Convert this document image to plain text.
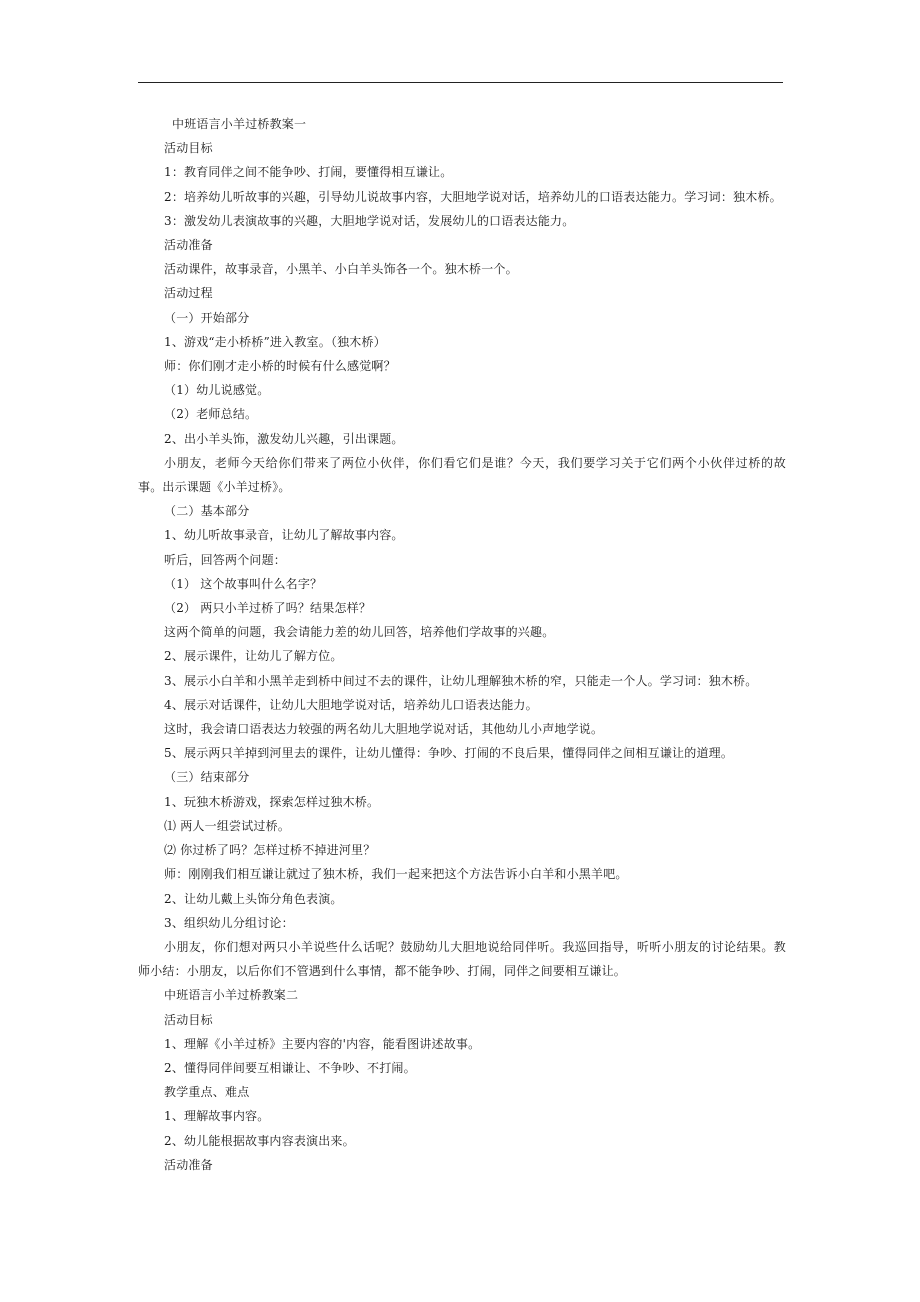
中班语言小羊过桥教案一
活动目标
1：教育同伴之间不能争吵、打闹，要懂得相互谦让。
2：培养幼儿听故事的兴趣，引导幼儿说故事内容，大胆地学说对话，培养幼儿的口语表达能力。学习词：独木桥。
3：激发幼儿表演故事的兴趣，大胆地学说对话，发展幼儿的口语表达能力。
活动准备
活动课件，故事录音，小黑羊、小白羊头饰各一个。独木桥一个。
活动过程
（一）开始部分
1、游戏“走小桥桥”进入教室。（独木桥）
师：你们刚才走小桥的时候有什么感觉啊？
（1）幼儿说感觉。
（2）老师总结。
2、出小羊头饰，激发幼儿兴趣，引出课题。
小朋友，老师今天给你们带来了两位小伙伴，你们看它们是谁？今天，我们要学习关于它们两个小伙伴过桥的故事。出示课题《小羊过桥》。
（二）基本部分
1、幼儿听故事录音，让幼儿了解故事内容。
听后，回答两个问题：
（1） 这个故事叫什么名字？
（2） 两只小羊过桥了吗？结果怎样？
这两个简单的问题，我会请能力差的幼儿回答，培养他们学故事的兴趣。
2、展示课件，让幼儿了解方位。
3、展示小白羊和小黑羊走到桥中间过不去的课件，让幼儿理解独木桥的窄，只能走一个人。学习词：独木桥。
4、展示对话课件，让幼儿大胆地学说对话，培养幼儿口语表达能力。
这时，我会请口语表达力较强的两名幼儿大胆地学说对话，其他幼儿小声地学说。
5、展示两只羊掉到河里去的课件，让幼儿懂得：争吵、打闹的不良后果，懂得同伴之间相互谦让的道理。
（三）结束部分
1、玩独木桥游戏，探索怎样过独木桥。
⑴ 两人一组尝试过桥。
⑵ 你过桥了吗？怎样过桥不掉进河里？
师：刚刚我们相互谦让就过了独木桥，我们一起来把这个方法告诉小白羊和小黑羊吧。
2、让幼儿戴上头饰分角色表演。
3、组织幼儿分组讨论：
小朋友，你们想对两只小羊说些什么话呢？鼓励幼儿大胆地说给同伴听。我巡回指导，听听小朋友的讨论结果。教师小结：小朋友，以后你们不管遇到什么事情，都不能争吵、打闹，同伴之间要相互谦让。
中班语言小羊过桥教案二
活动目标
1、理解《小羊过桥》主要内容的'内容，能看图讲述故事。
2、懂得同伴间要互相谦让、不争吵、不打闹。
教学重点、难点
1、理解故事内容。
2、幼儿能根据故事内容表演出来。
活动准备
